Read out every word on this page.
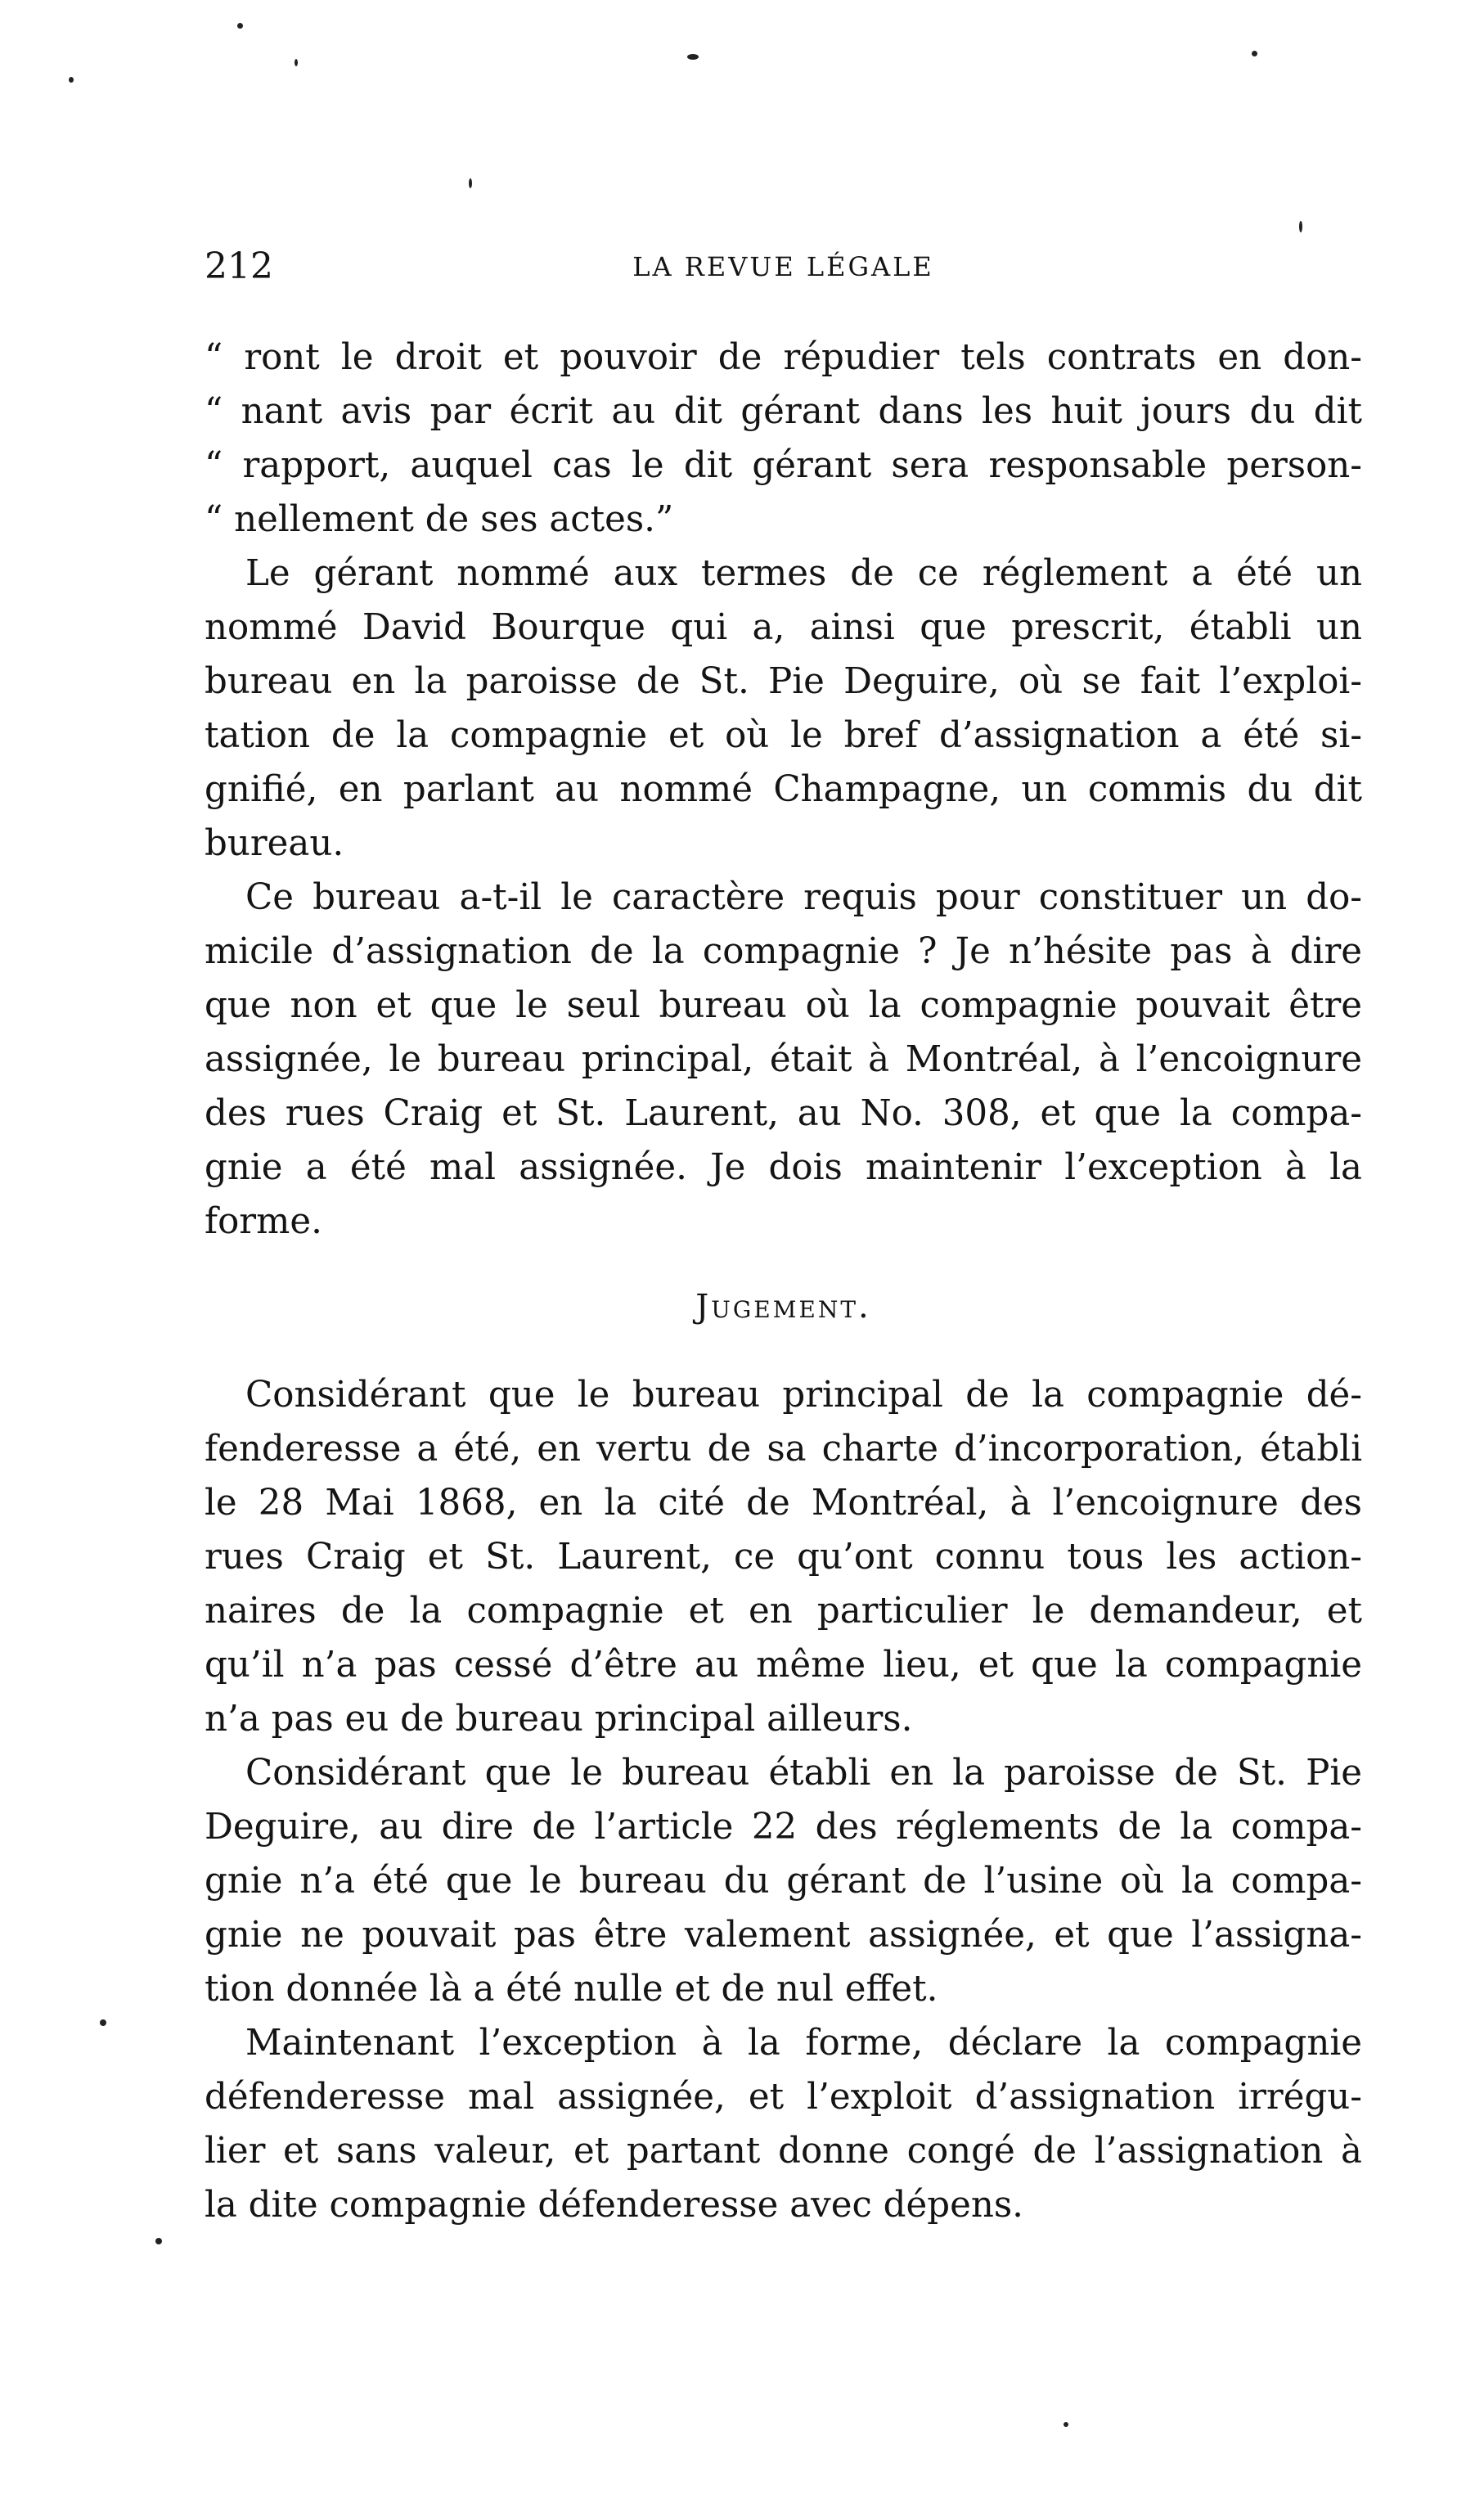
212	LA REVUE LÉGALE
“ ront le droit et pouvoir de répudier tels contrats en don-
“ nant avis par écrit au dit gérant dans les huit jours du dit
“ rapport, auquel cas le dit gérant sera responsable person-
“ nellement de ses actes.”
Le gérant nommé aux termes de ce réglement a été un
nommé David Bourque qui a, ainsi que prescrit, établi un
bureau en la paroisse de St. Pie Deguire, où se fait l’exploi-
tation de la compagnie et où le bref d’assignation a été si-
gnifié, en parlant au nommé Champagne, un commis du dit
bureau.
Ce bureau a-t-il le caractère requis pour constituer un do-
micile d’assignation de la compagnie ? Je n’hésite pas à dire
que non et que le seul bureau où la compagnie pouvait être
assignée, le bureau principal, était à Montréal, à l’encoignure
des rues Craig et St. Laurent, au No. 308, et que la compa-
gnie a été mal assignée. Je dois maintenir l’exception à la
forme.
Jugement.
Considérant que le bureau principal de la compagnie dé-
fenderesse a été, en vertu de sa charte d’incorporation, établi
le 28 Mai 1868, en la cité de Montréal, à l’encoignure des
rues Craig et St. Laurent, ce qu’ont connu tous les action-
naires de la compagnie et en particulier le demandeur, et
qu’il n’a pas cessé d’être au même lieu, et que la compagnie
n’a pas eu de bureau principal ailleurs.
Considérant que le bureau établi en la paroisse de St. Pie
Deguire, au dire de l’article 22 des réglements de la compa-
gnie n’a été que le bureau du gérant de l’usine où la compa-
gnie ne pouvait pas être valement assignée, et que l’assigna-
tion donnée là a été nulle et de nul effet.
Maintenant l’exception à la forme, déclare la compagnie
défenderesse mal assignée, et l’exploit d’assignation irrégu-
lier et sans valeur, et partant donne congé de l’assignation à
la dite compagnie défenderesse avec dépens.
